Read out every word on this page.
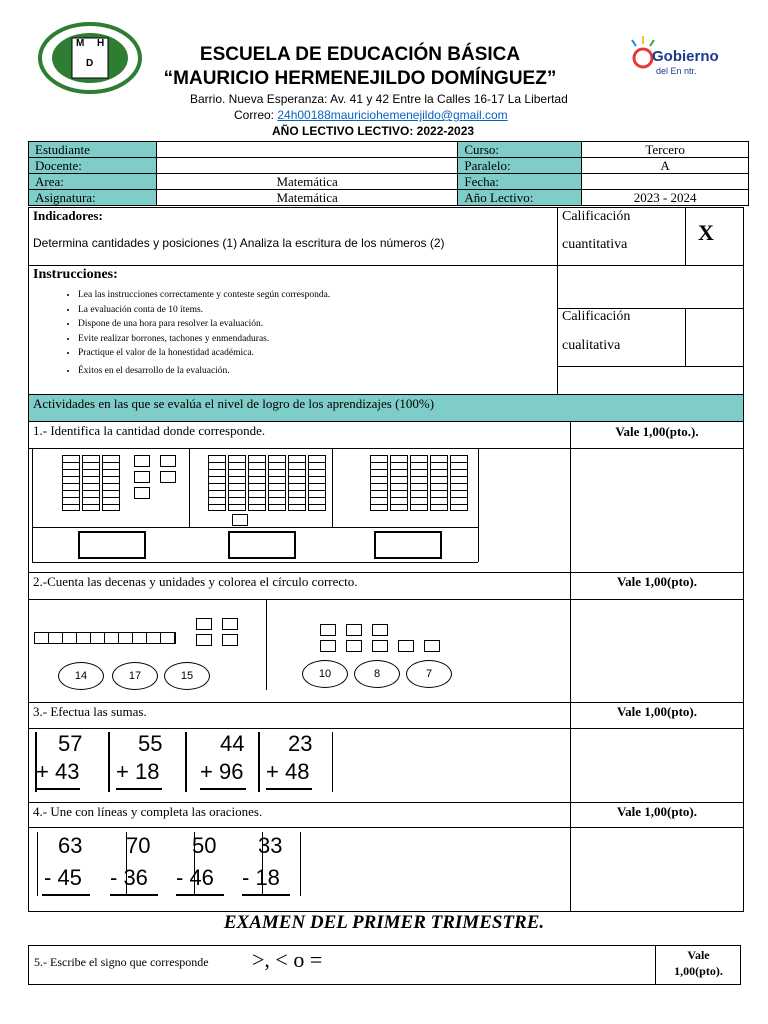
M H
D	ESCUELA DE EDUCACIÓN BÁSICA
“MAURICIO HERMENEJILDO DOMÍNGUEZ”
Barrio. Nueva Esperanza: Av. 41 y 42 Entre la Calles 16-17 La Libertad
Correo: 24h00188mauriciohemenejildo@gmail.com
AÑO LECTIVO LECTIVO: 2022-2023
Gobierno
del En ntr.
Estudiante		Curso:	Tercero
Docente:		Paralelo:	A
Area:	Matemática	Fecha:	
Asignatura:	Matemática	Año Lectivo:	2023 - 2024
Indicadores:
Determina cantidades y posiciones (1) Analiza la escritura de los números (2)
Calificación
cuantitativa	X
Instrucciones:
• Lea las instrucciones correctamente y conteste según corresponda.
• La evaluación conta de 10 ítems.
• Dispone de una hora para resolver la evaluación.
• Evite realizar borrones, tachones y enmendaduras.
• Practique el valor de la honestidad académica.
• Éxitos en el desarrollo de la evaluación.
Calificación
cualitativa
Actividades en las que se evalúa el nivel de logro de los aprendizajes (100%)
1.- Identifica la cantidad donde corresponde.	Vale 1,00(pto.).
2.-Cuenta las decenas y unidades y colorea el círculo correcto.	Vale 1,00(pto).
14	17	15	10	8	7
3.- Efectua las sumas.	Vale 1,00(pto).
57
+ 43
55
+ 18
44
+ 96
23
+ 48
4.- Une con líneas y completa las oraciones.	Vale 1,00(pto).
63
- 45
70
- 36
50
- 46
33
- 18
EXAMEN DEL PRIMER TRIMESTRE.
5.- Escribe el signo que corresponde >, < o =	Vale
1,00(pto).
